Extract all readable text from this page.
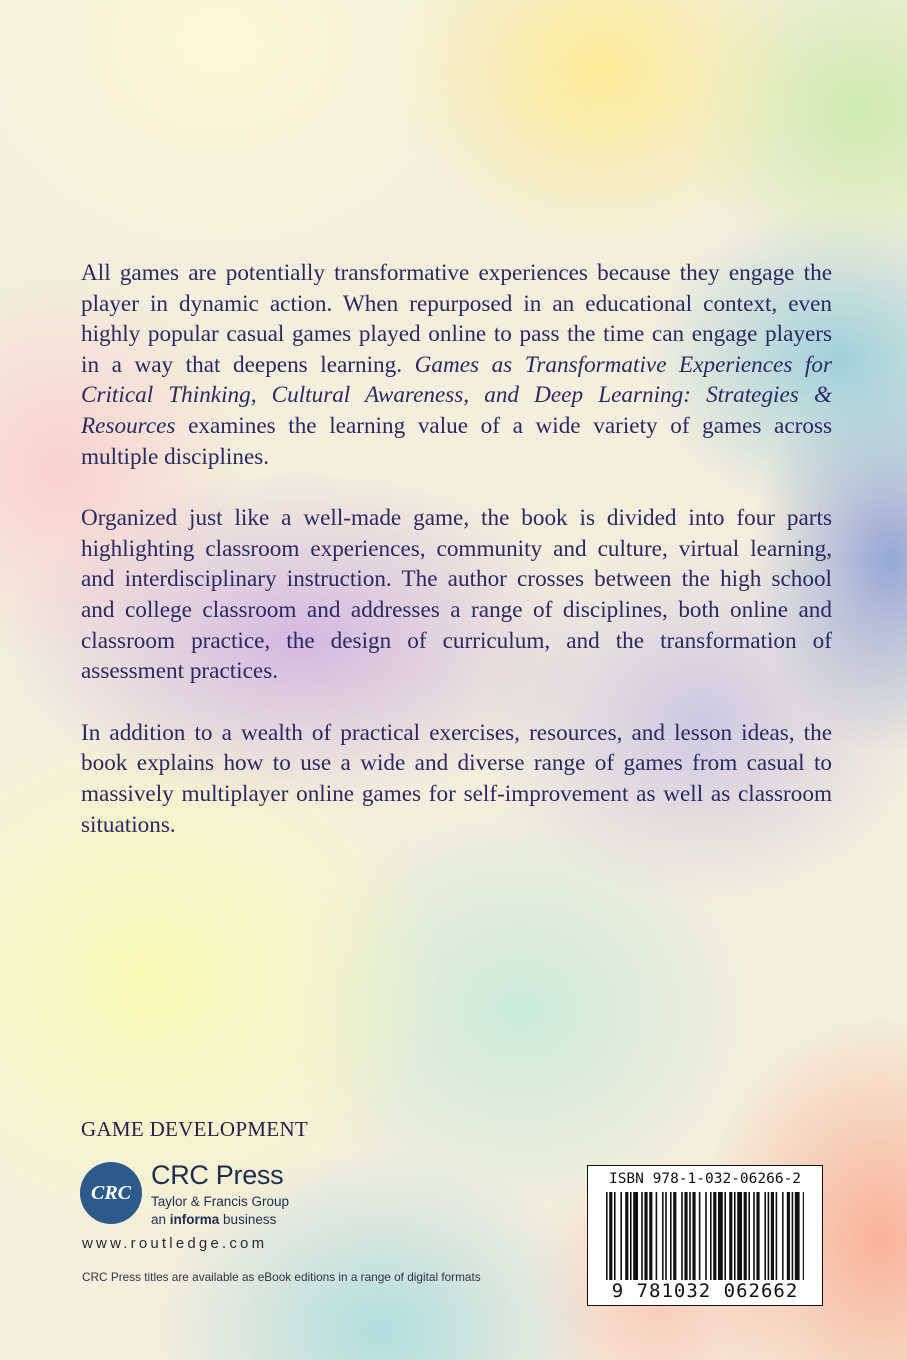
All games are potentially transformative experiences because they engage the player in dynamic action. When repurposed in an educational context, even highly popular casual games played online to pass the time can engage players in a way that deepens learning. Games as Transformative Experiences for Critical Thinking, Cultural Awareness, and Deep Learning: Strategies & Resources examines the learning value of a wide variety of games across multiple disciplines.

Organized just like a well-made game, the book is divided into four parts highlighting classroom experiences, community and culture, virtual learning, and interdisciplinary instruction. The author crosses between the high school and college classroom and addresses a range of disciplines, both online and classroom practice, the design of curriculum, and the transformation of assessment practices.

In addition to a wealth of practical exercises, resources, and lesson ideas, the book explains how to use a wide and diverse range of games from casual to massively multiplayer online games for self-improvement as well as classroom situations.

GAME DEVELOPMENT
CRC
CRC Press
Taylor & Francis Group
an informa business
www.routledge.com
CRC Press titles are available as eBook editions in a range of digital formats
ISBN 978-1-032-06266-2
9 781032 062662
